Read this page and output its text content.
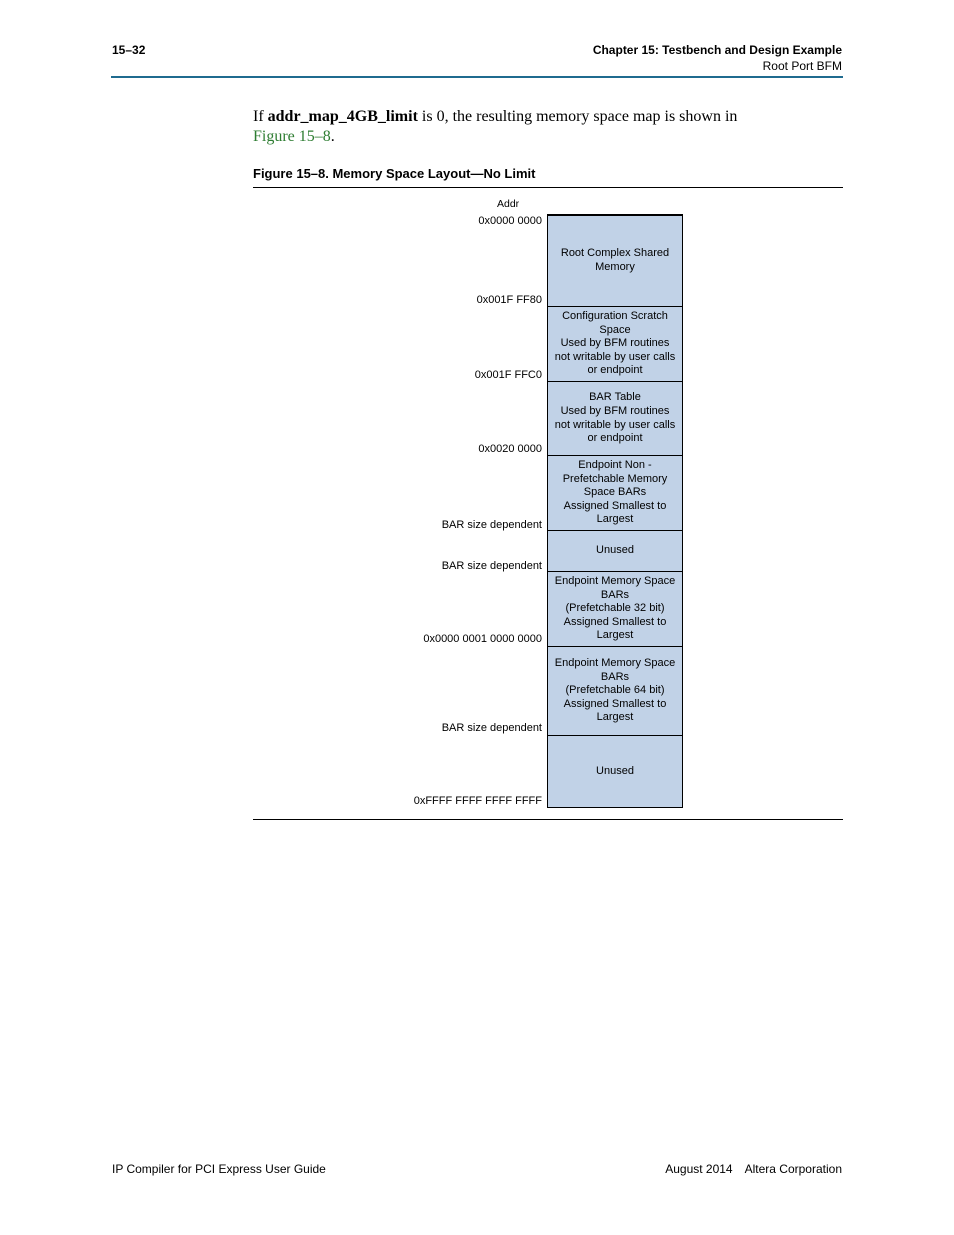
15–32	Chapter 15: Testbench and Design Example
Root Port BFM

If addr_map_4GB_limit is 0, the resulting memory space map is shown in
Figure 15–8.

Figure 15–8. Memory Space Layout—No Limit
Addr
0x0000 0000
0x001F FF80
0x001F FFC0
0x0020 0000
BAR size dependent
BAR size dependent
0x0000 0001 0000 0000
BAR size dependent
0xFFFF FFFF FFFF FFFF
Root Complex Shared
Memory
Configuration Scratch
Space
Used by BFM routines
not writable by user calls
or endpoint
BAR Table
Used by BFM routines
not writable by user calls
or endpoint
Endpoint Non -
Prefetchable Memory
Space BARs
Assigned Smallest to
Largest
Unused
Endpoint Memory Space
BARs
(Prefetchable 32 bit)
Assigned Smallest to
Largest
Endpoint Memory Space
BARs
(Prefetchable 64 bit)
Assigned Smallest to
Largest
Unused
IP Compiler for PCI Express User Guide	August 2014 Altera Corporation
